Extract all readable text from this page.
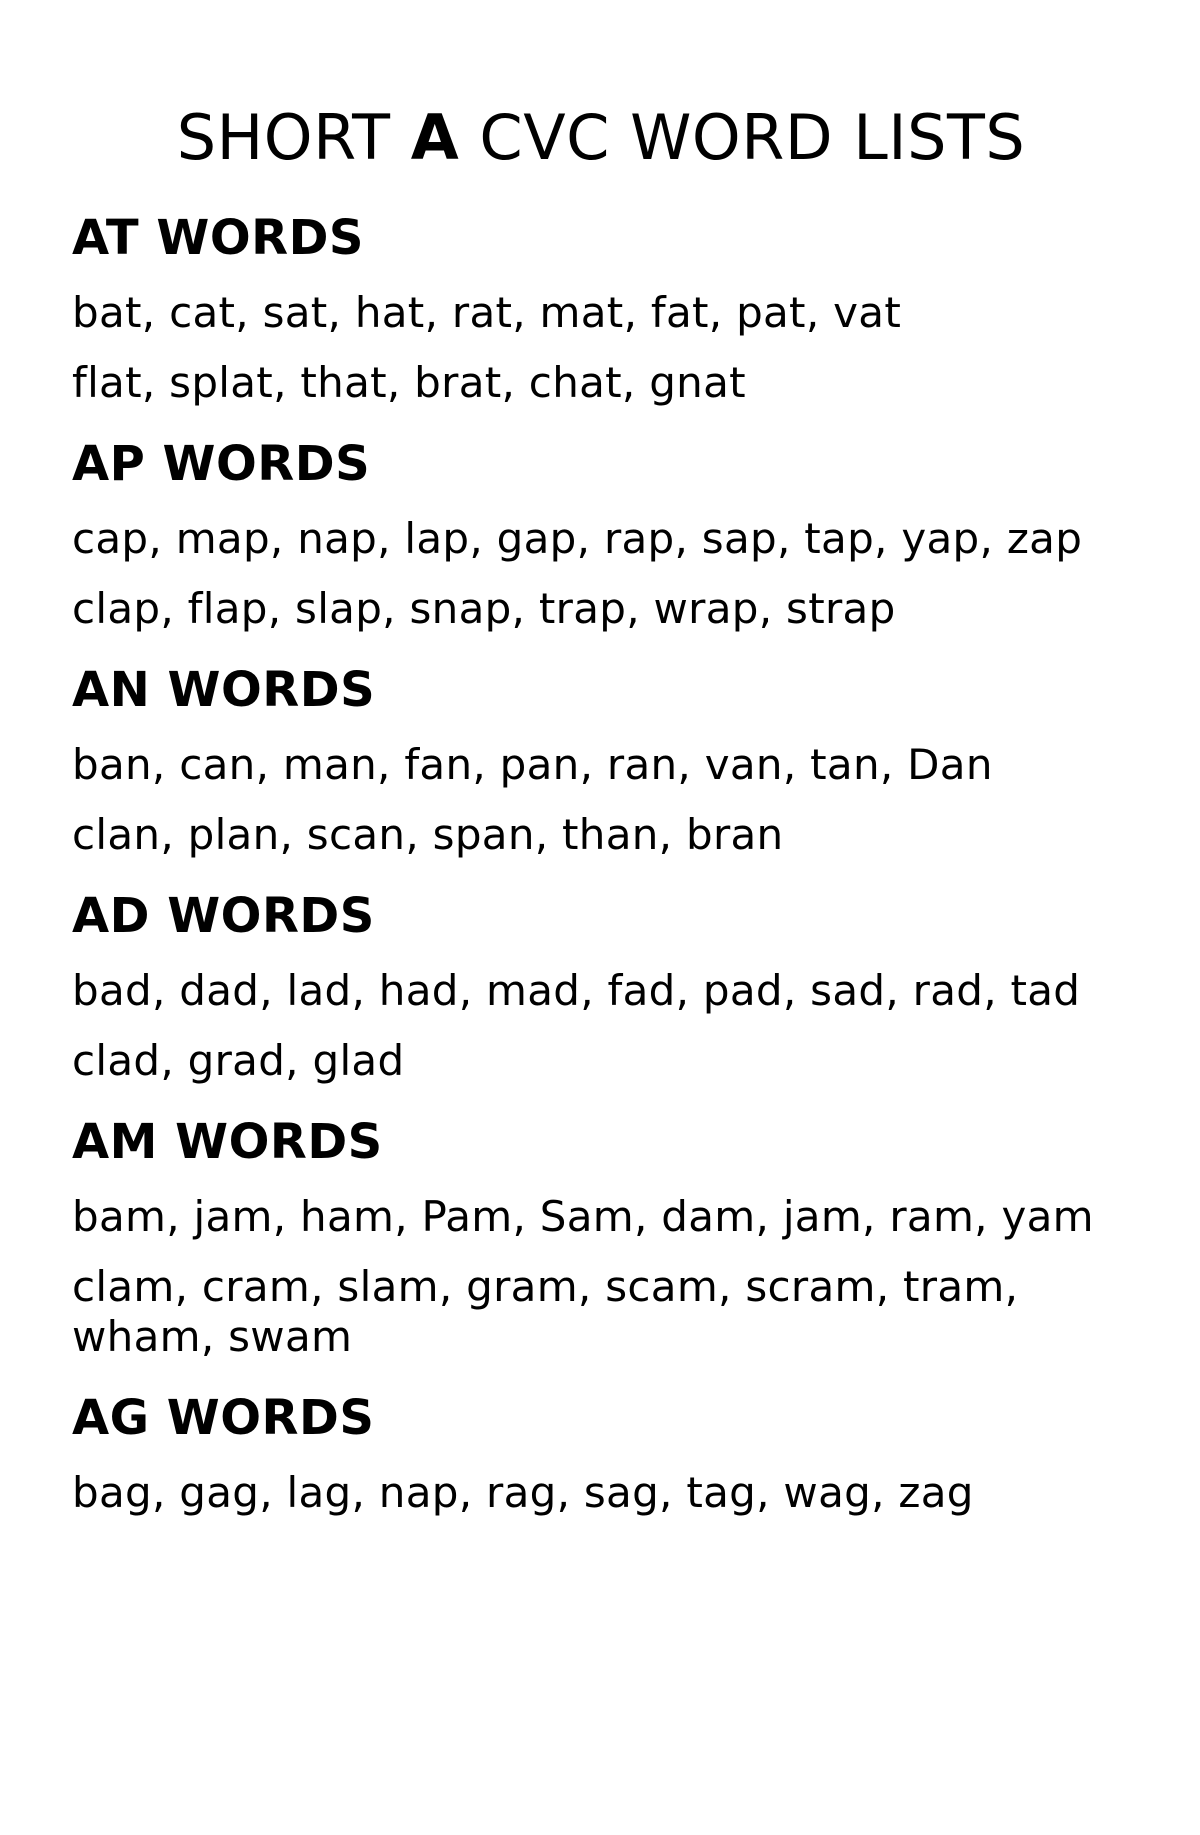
SHORT A CVC WORD LISTS
AT WORDS

bat, cat, sat, hat, rat, mat, fat, pat, vat

flat, splat, that, brat, chat, gnat

AP WORDS

cap, map, nap, lap, gap, rap, sap, tap, yap, zap

clap, flap, slap, snap, trap, wrap, strap

AN WORDS

ban, can, man, fan, pan, ran, van, tan, Dan

clan, plan, scan, span, than, bran

AD WORDS

bad, dad, lad, had, mad, fad, pad, sad, rad, tad

clad, grad, glad

AM WORDS

bam, jam, ham, Pam, Sam, dam, jam, ram, yam

clam, cram, slam, gram, scam, scram, tram, wham, swam

AG WORDS

bag, gag, lag, nap, rag, sag, tag, wag, zag
